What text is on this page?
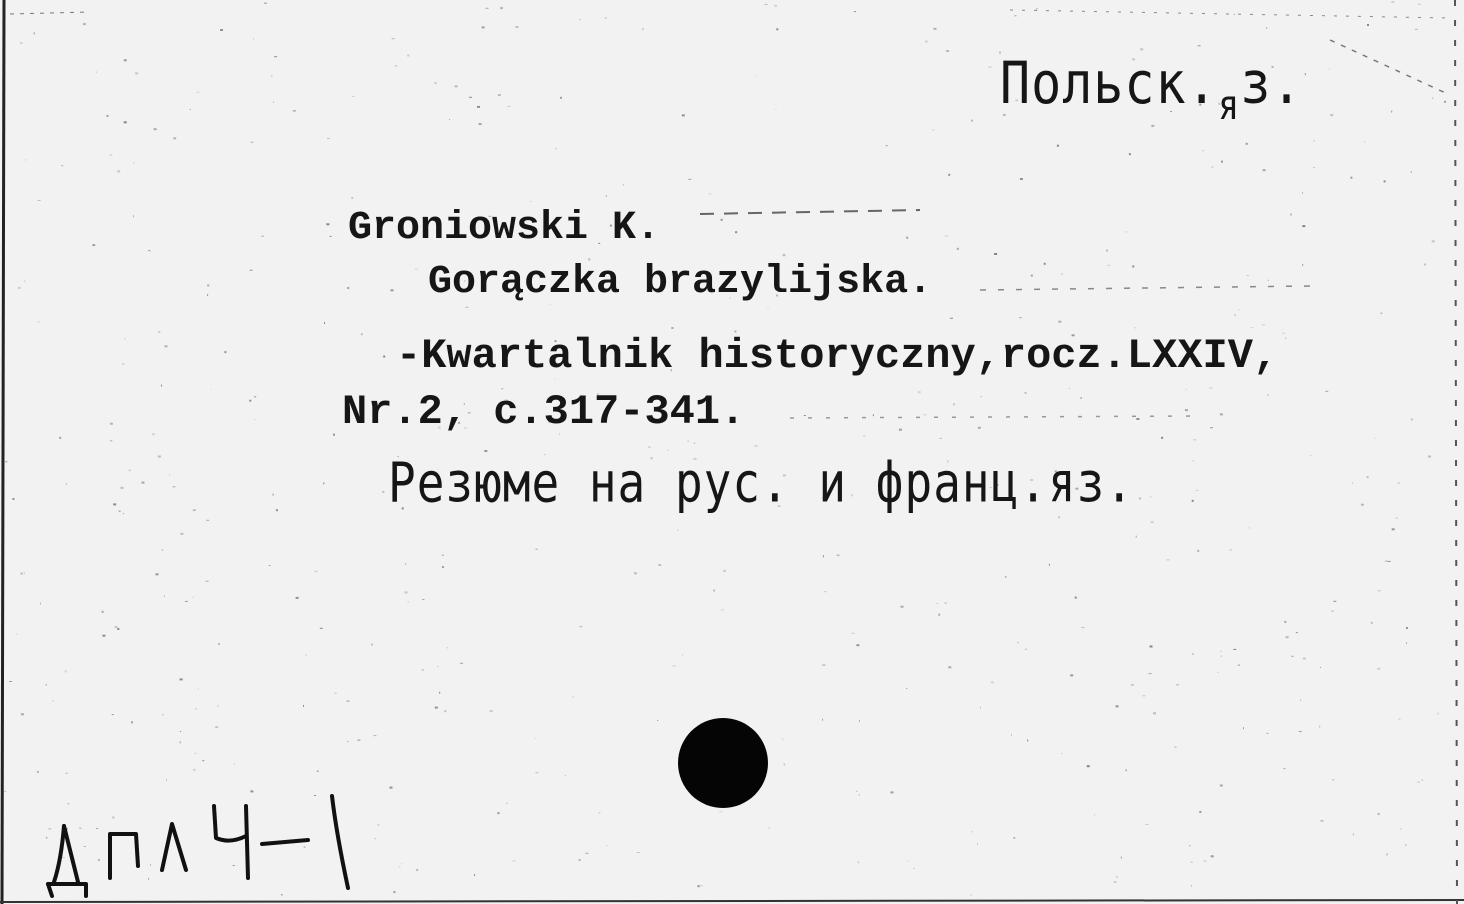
$Польск._яз$.

Groniowski K.

Gorączka brazylijska.

-Kwartalnik historyczny,rocz.LXXIV,

Nr.2, c.317-341.

Резюме на рус. и франц.яз.
